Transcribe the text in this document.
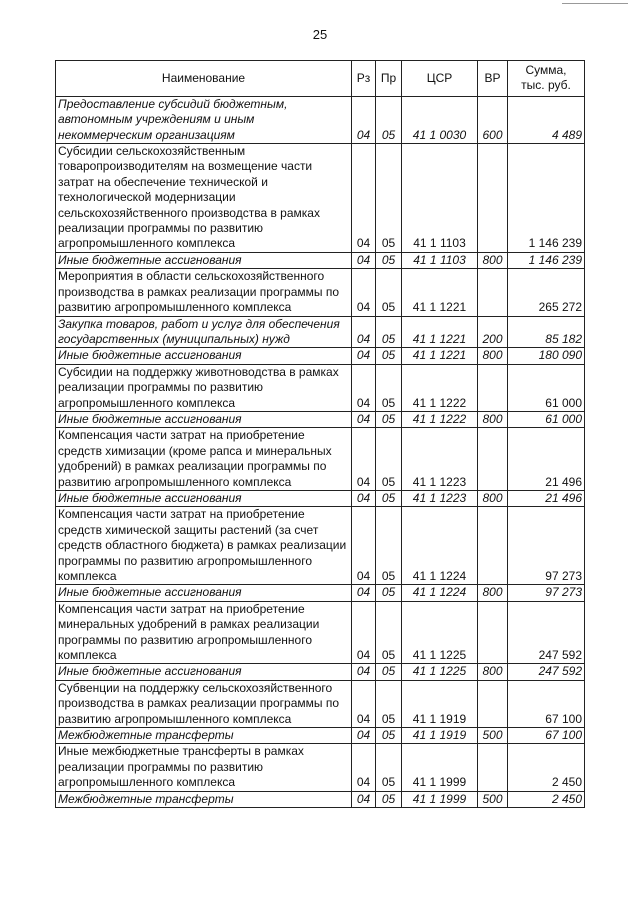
25
Наименование	Рз	Пр	ЦСР	ВР	Сумма,
тыс. руб.
Предоставление субсидий бюджетным, автономным учреждениям и иным некоммерческим организациям	04	05	41 1 0030	600	4 489
Субсидии сельскохозяйственным товаропроизводителям на возмещение части затрат на обеспечение технической и технологической модернизации сельскохозяйственного производства в рамках реализации программы по развитию агропромышленного комплекса	04	05	41 1 1103		1 146 239
Иные бюджетные ассигнования	04	05	41 1 1103	800	1 146 239
Мероприятия в области сельскохозяйственного производства в рамках реализации программы по развитию агропромышленного комплекса	04	05	41 1 1221		265 272
Закупка товаров, работ и услуг для обеспечения государственных (муниципальных) нужд	04	05	41 1 1221	200	85 182
Иные бюджетные ассигнования	04	05	41 1 1221	800	180 090
Субсидии на поддержку животноводства в рамках реализации программы по развитию агропромышленного комплекса	04	05	41 1 1222		61 000
Иные бюджетные ассигнования	04	05	41 1 1222	800	61 000
Компенсация части затрат на приобретение средств химизации (кроме рапса и минеральных удобрений) в рамках реализации программы по развитию агропромышленного комплекса	04	05	41 1 1223		21 496
Иные бюджетные ассигнования	04	05	41 1 1223	800	21 496
Компенсация части затрат на приобретение средств химической защиты растений (за счет средств областного бюджета) в рамках реализации программы по развитию агропромышленного комплекса	04	05	41 1 1224		97 273
Иные бюджетные ассигнования	04	05	41 1 1224	800	97 273
Компенсация части затрат на приобретение минеральных удобрений в рамках реализации программы по развитию агропромышленного комплекса	04	05	41 1 1225		247 592
Иные бюджетные ассигнования	04	05	41 1 1225	800	247 592
Субвенции на поддержку сельскохозяйственного производства в рамках реализации программы по развитию агропромышленного комплекса	04	05	41 1 1919		67 100
Межбюджетные трансферты	04	05	41 1 1919	500	67 100
Иные межбюджетные трансферты в рамках реализации программы по развитию агропромышленного комплекса	04	05	41 1 1999		2 450
Межбюджетные трансферты	04	05	41 1 1999	500	2 450
